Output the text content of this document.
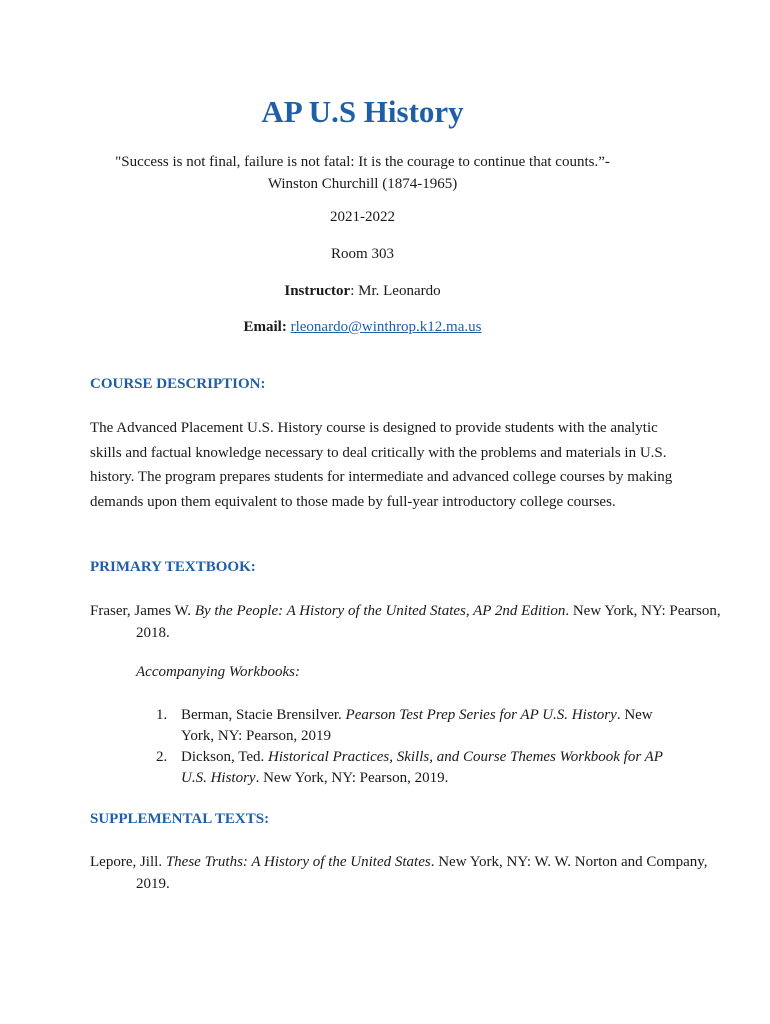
AP U.S History

"Success is not final, failure is not fatal: It is the courage to continue that counts.”-Winston Churchill (1874-1965)

2021-2022

Room 303

Instructor: Mr. Leonardo

Email: rleonardo@winthrop.k12.ma.us

COURSE DESCRIPTION:

The Advanced Placement U.S. History course is designed to provide students with the analytic skills and factual knowledge necessary to deal critically with the problems and materials in U.S. history. The program prepares students for intermediate and advanced college courses by making demands upon them equivalent to those made by full-year introductory college courses.

PRIMARY TEXTBOOK:

Fraser, James W. By the People: A History of the United States, AP 2nd Edition. New York, NY: Pearson, 2018.

Accompanying Workbooks:

1. Berman, Stacie Brensilver. Pearson Test Prep Series for AP U.S. History. New York, NY: Pearson, 2019
2. Dickson, Ted. Historical Practices, Skills, and Course Themes Workbook for AP U.S. History. New York, NY: Pearson, 2019.
SUPPLEMENTAL TEXTS:

Lepore, Jill. These Truths: A History of the United States. New York, NY: W. W. Norton and Company, 2019.
